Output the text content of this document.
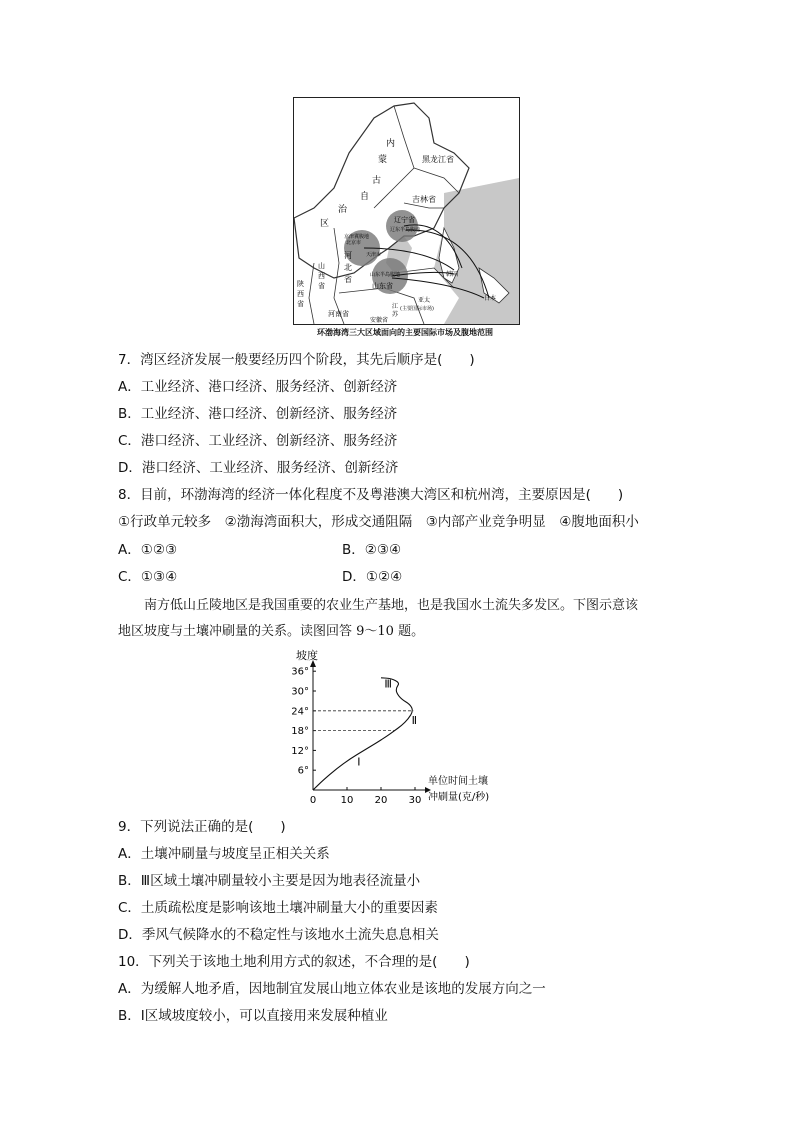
内
蒙
古
自
治
区
黑龙江省
吉林省
辽宁省
辽东半岛腹地
京津冀腹地
北京市
天津市
河
北
省
山
西
省
陕
西
省
山东半岛腹地
山东省
韩国
日本
亚太
(主要国际市场)
河南省
江
苏
安徽省
环渤海湾三大区域面向的主要国际市场及腹地范围
7．湾区经济发展一般要经历四个阶段，其先后顺序是(　　)
A．工业经济、港口经济、服务经济、创新经济
B．工业经济、港口经济、创新经济、服务经济
C．港口经济、工业经济、创新经济、服务经济
D．港口经济、工业经济、服务经济、创新经济
8．目前，环渤海湾的经济一体化程度不及粤港澳大湾区和杭州湾，主要原因是(　　)
①行政单元较多　②渤海湾面积大，形成交通阻隔　③内部产业竞争明显　④腹地面积小
A．①②③	B．②③④
C．①③④	D．①②④

南方低山丘陵地区是我国重要的农业生产基地，也是我国水土流失多发区。下图示意该

地区坡度与土壤冲刷量的关系。读图回答 9～10 题。

坡度
单位时间土壤
冲刷量(克/秒)
6°
12°
18°
24°
30°
36°
0 10 20 30
Ⅰ
Ⅱ
Ⅲ
9．下列说法正确的是(　　)
A．土壤冲刷量与坡度呈正相关关系
B．Ⅲ区域土壤冲刷量较小主要是因为地表径流量小
C．土质疏松度是影响该地土壤冲刷量大小的重要因素
D．季风气候降水的不稳定性与该地水土流失息息相关
10．下列关于该地土地利用方式的叙述，不合理的是(　　)
A．为缓解人地矛盾，因地制宜发展山地立体农业是该地的发展方向之一
B．Ⅰ区域坡度较小，可以直接用来发展种植业
